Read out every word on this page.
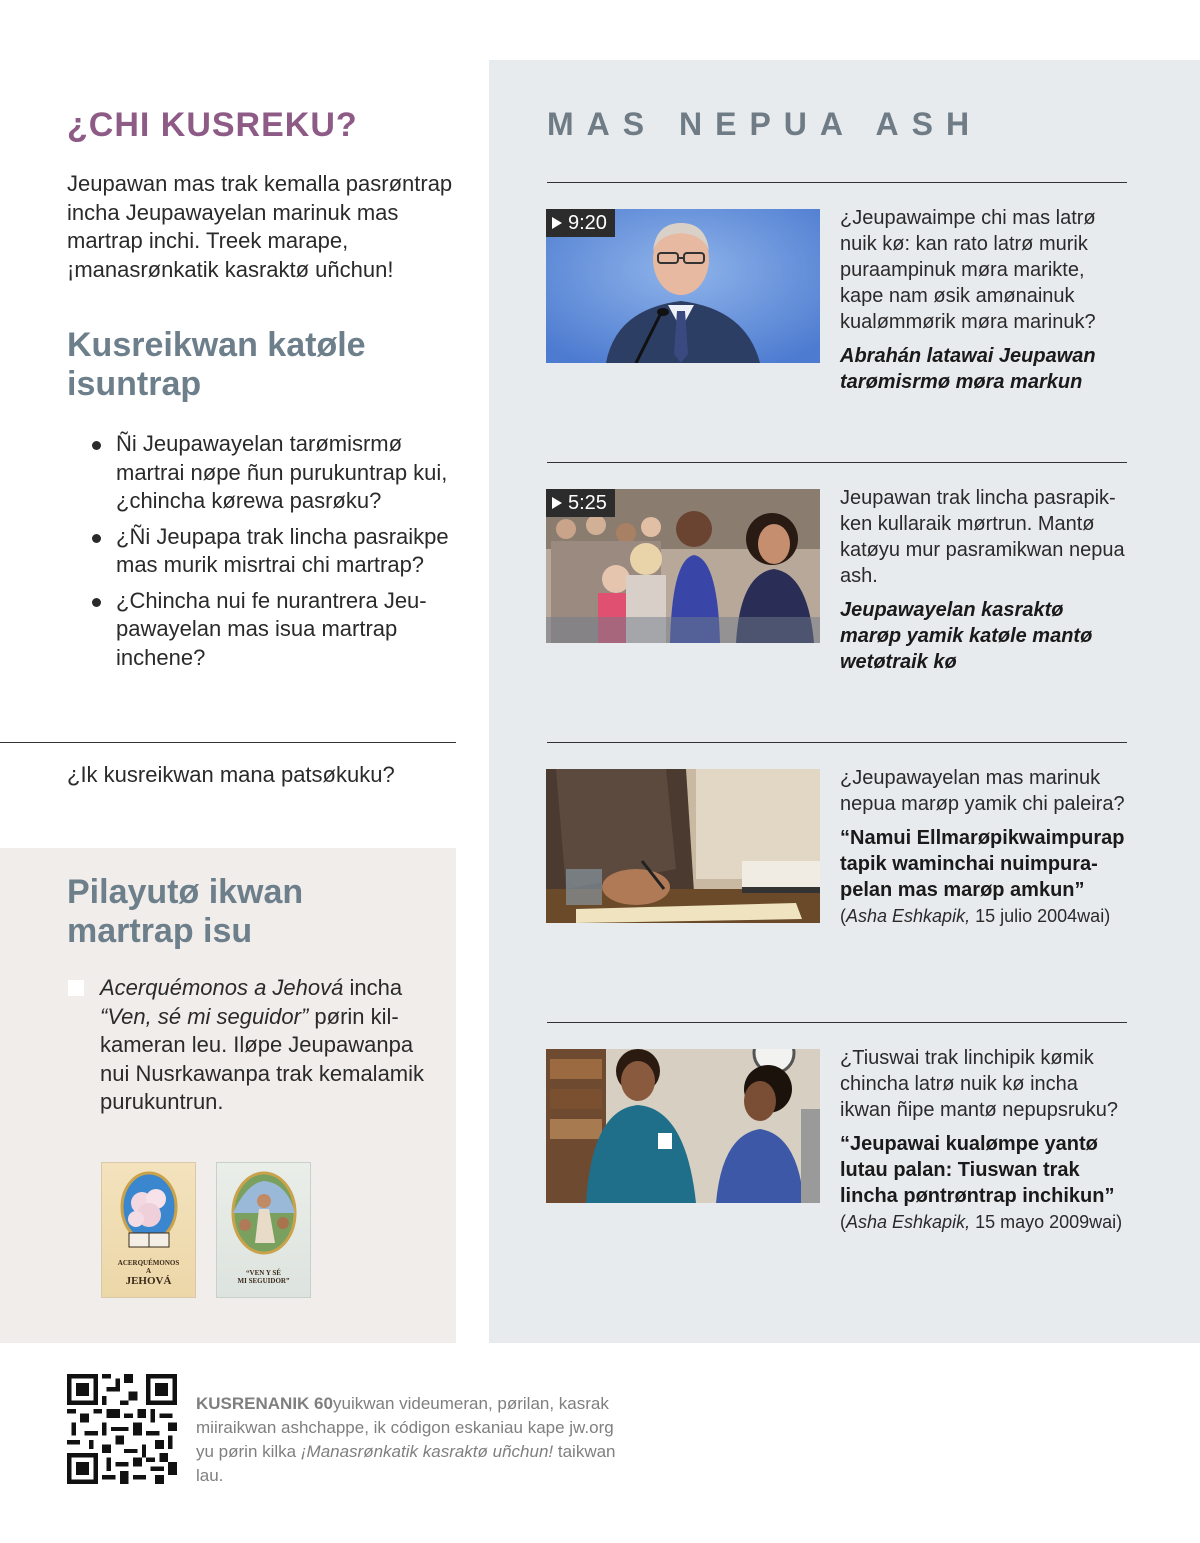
MAS NEPUA ASH
9:20	¿Jeupawaimpe chi mas latrø nuik kø: kan rato latrø murik puraampinuk møra marikte, kape nam øsik amønainuk kualømmørik møra marinuk?
Abrahán latawai Jeupawan tarømisrmø møra markun
5:25	Jeupawan trak lincha pasrapikken kullaraik mørtrun. Mantø katøyu mur pasramikwan nepua ash.
Jeupawayelan kasraktø marøp yamik katøle mantø wetøtraik kø
¿Jeupawayelan mas marinuk nepua marøp yamik chi paleira?
“Namui Ellmarøpikwaimpurap tapik waminchai nuimpurapelan mas marøp amkun”
(Asha Eshkapik, 15 julio 2004wai)
¿Tiuswai trak linchipik kømik chincha latrø nuik kø incha ikwan ñipe mantø nepupsruku?
“Jeupawai kualømpe yantø lutau palan: Tiuswan trak lincha pøntrøntrap inchikun”
(Asha Eshkapik, 15 mayo 2009wai)
¿CHI KUSREKU?
Jeupawan mas trak kemalla pasrøntrap incha Jeupawayelan marinuk mas martrap inchi. Treek marape, ¡manasrønkatik kasraktø uñchun!
Kusreikwan katøle
isuntrap
Ñi Jeupawayelan tarømisrmø martrai nøpe ñun purukuntrap kui, ¿chincha kørewa pasrøku?
¿Ñi Jeupapa trak lincha pasraikpe mas murik misrtrai chi martrap?
¿Chincha nui fe nurantrera Jeupawayelan mas isua martrap inchene?
¿Ik kusreikwan mana patsøkuku?
Pilayutø ikwan
martrap isu
Acerquémonos a Jehová incha “Ven, sé mi seguidor” pørin kilkameran leu. Iløpe Jeupawanpa nui Nusrkawanpa trak kemalamik purukuntrun.
ACERQUÉMONOS
A
JEHOVÁ
“VEN Y SÉ
MI SEGUIDOR”
KUSRENANIK 60yuikwan videumeran, pørilan, kasrak miiraikwan ashchappe, ik códigon eskaniau kape jw.org yu pørin kilka ¡Manasrønkatik kasraktø uñchun! taikwan lau.
